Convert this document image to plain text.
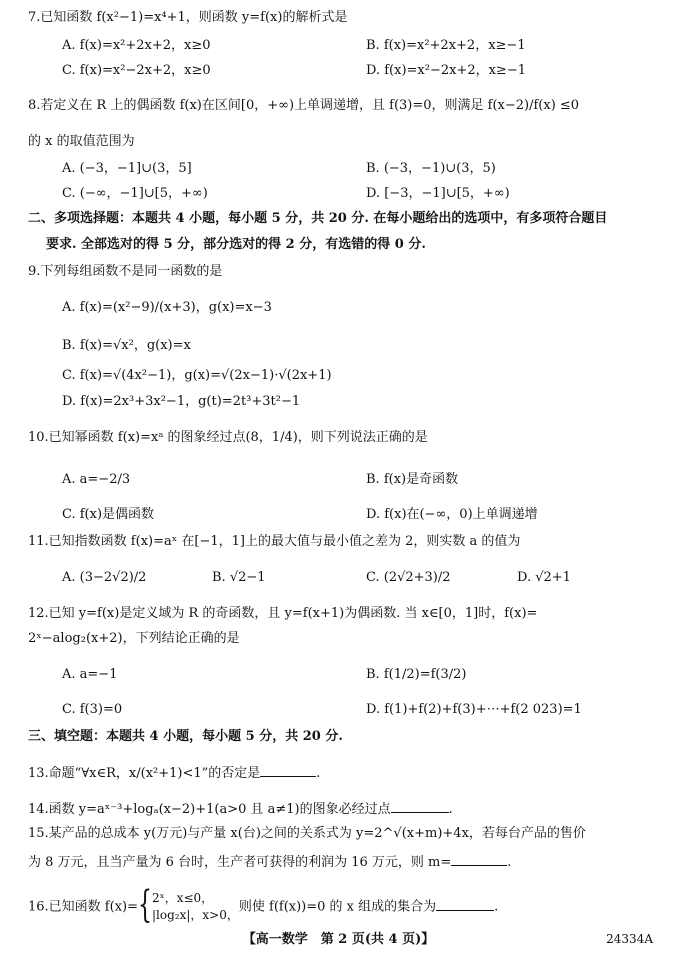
7.已知函数 f(x²−1)=x⁴+1，则函数 y=f(x)的解析式是
A. f(x)=x²+2x+2，x≥0	B. f(x)=x²+2x+2，x≥−1
C. f(x)=x²−2x+2，x≥0	D. f(x)=x²−2x+2，x≥−1
8.若定义在 R 上的偶函数 f(x)在区间[0，+∞)上单调递增，且 f(3)=0，则满足 f(x−2)/f(x) ≤0
的 x 的取值范围为
A. (−3，−1]∪(3，5]	B. (−3，−1)∪(3，5)
C. (−∞，−1]∪[5，+∞)	D. [−3，−1]∪[5，+∞)
二、多项选择题：本题共 4 小题，每小题 5 分，共 20 分. 在每小题给出的选项中，有多项符合题目
要求. 全部选对的得 5 分，部分选对的得 2 分，有选错的得 0 分.
9.下列每组函数不是同一函数的是
A. f(x)=(x²−9)/(x+3)，g(x)=x−3
B. f(x)=√x²，g(x)=x
C. f(x)=√(4x²−1)，g(x)=√(2x−1)·√(2x+1)
D. f(x)=2x³+3x²−1，g(t)=2t³+3t²−1
10.已知幂函数 f(x)=xᵃ 的图象经过点(8，1/4)，则下列说法正确的是
A. a=−2/3	B. f(x)是奇函数
C. f(x)是偶函数	D. f(x)在(−∞，0)上单调递增
11.已知指数函数 f(x)=aˣ 在[−1，1]上的最大值与最小值之差为 2，则实数 a 的值为
A. (3−2√2)/2	B. √2−1	C. (2√2+3)/2	D. √2+1
12.已知 y=f(x)是定义域为 R 的奇函数，且 y=f(x+1)为偶函数. 当 x∈[0，1]时，f(x)=
2ˣ−alog₂(x+2)，下列结论正确的是
A. a=−1	B. f(1/2)=f(3/2)
C. f(3)=0	D. f(1)+f(2)+f(3)+⋯+f(2 023)=1
三、填空题：本题共 4 小题，每小题 5 分，共 20 分.
13.命题“∀x∈R，x/(x²+1)<1”的否定是	.
14.函数 y=aˣ⁻³+logₐ(x−2)+1(a>0 且 a≠1)的图象必经过点	.
15.某产品的总成本 y(万元)与产量 x(台)之间的关系式为 y=2^√(x+m)+4x，若每台产品的售价
为 8 万元，且当产量为 6 台时，生产者可获得的利润为 16 万元，则 m=	.
16.已知函数 f(x)={ 2ˣ，x≤0，
|log₂x|，x>0，
则使 f(f(x))=0 的 x 组成的集合为	.
【高一数学　第 2 页(共 4 页)】	24334A
